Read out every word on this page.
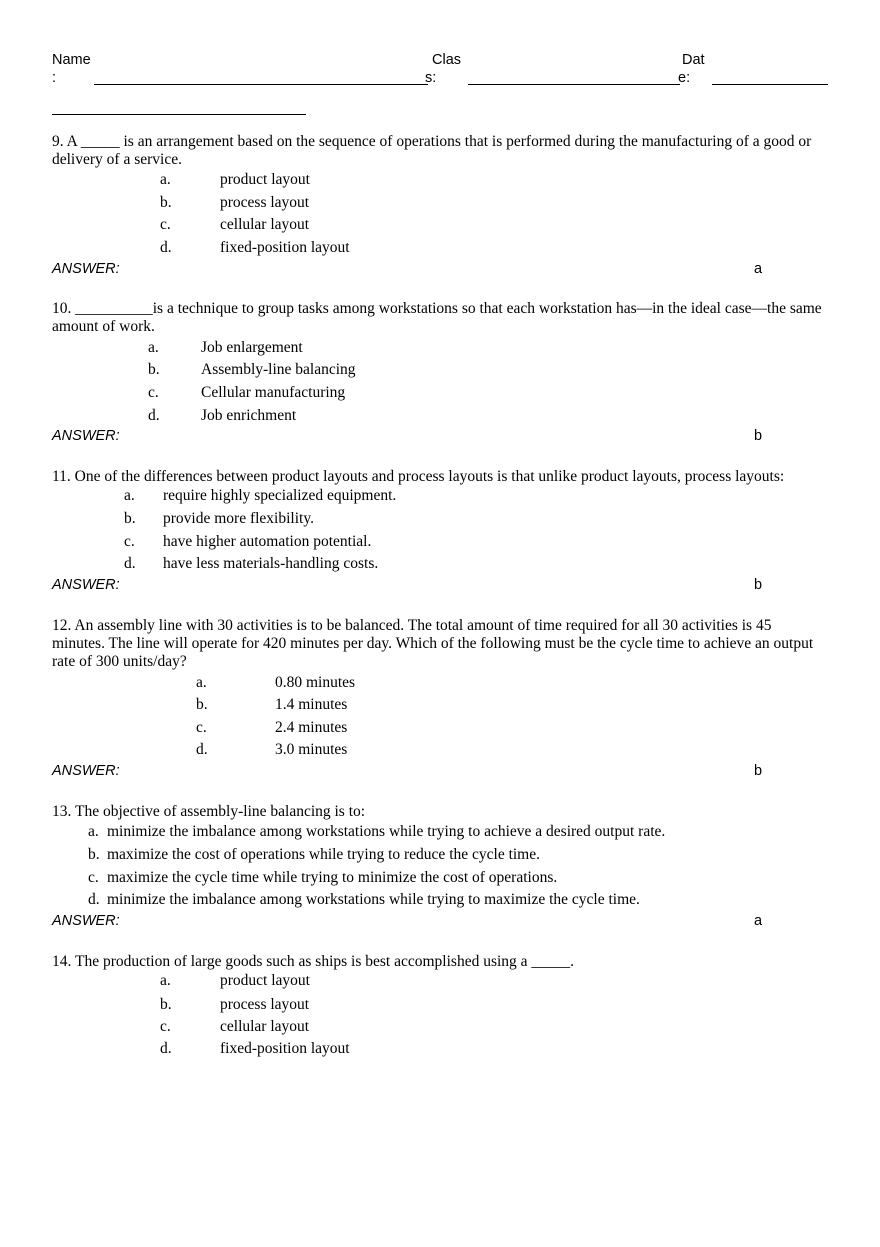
Name
:
Clas
s:
Dat
e:
9. A _____ is an arrangement based on the sequence of operations that is performed during the manufacturing of a good or delivery of a service.
a.	product layout
b.	process layout
c.	cellular layout
d.	fixed-position layout
ANSWER:	a
10. __________is a technique to group tasks among workstations so that each workstation has—in the ideal case—the same amount of work.
a.	Job enlargement
b.	Assembly-line balancing
c.	Cellular manufacturing
d.	Job enrichment
ANSWER:	b
11. One of the differences between product layouts and process layouts is that unlike product layouts, process layouts:
a. require highly specialized equipment.
b. provide more flexibility.
c. have higher automation potential.
d. have less materials-handling costs.
ANSWER:	b
12. An assembly line with 30 activities is to be balanced. The total amount of time required for all 30 activities is 45 minutes. The line will operate for 420 minutes per day. Which of the following must be the cycle time to achieve an output rate of 300 units/day?
a.	0.80 minutes
b.	1.4 minutes
c.	2.4 minutes
d.	3.0 minutes
ANSWER:	b
13. The objective of assembly-line balancing is to:
a. minimize the imbalance among workstations while trying to achieve a desired output rate.
b. maximize the cost of operations while trying to reduce the cycle time.
c. maximize the cycle time while trying to minimize the cost of operations.
d. minimize the imbalance among workstations while trying to maximize the cycle time.
ANSWER:	a
14. The production of large goods such as ships is best accomplished using a _____.
a.	product layout
b.	process layout
c.	cellular layout
d.	fixed-position layout
